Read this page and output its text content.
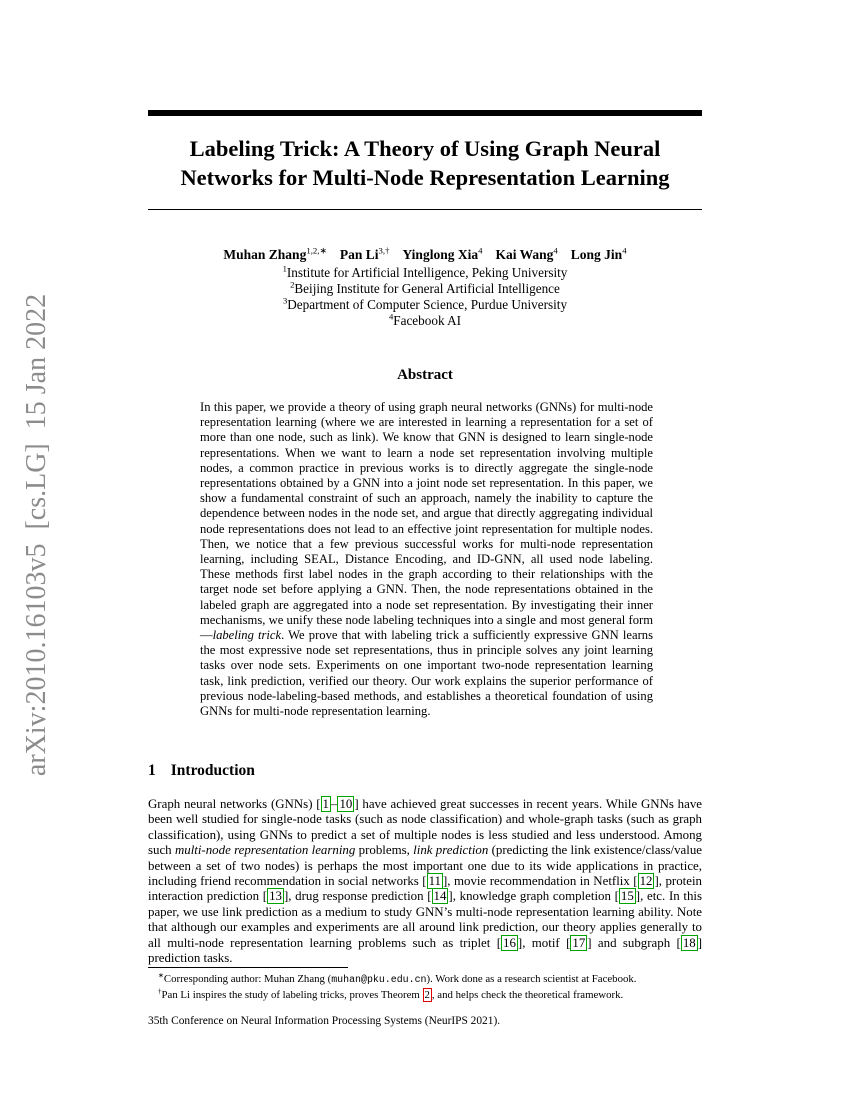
arXiv:2010.16103v5  [cs.LG]  15 Jan 2022
Labeling Trick: A Theory of Using Graph Neural
Networks for Multi-Node Representation Learning
Muhan Zhang$^{1,2,∗}$ Pan $Li^{3,\dagger}$ Yinglong Xia$^4$ Kai Wang$^4$ Long Jin$^4$
$^1$Institute for Artificial Intelligence, Peking University
$^2$Beijing Institute for General Artificial Intelligence
$^3$Department of Computer Science, Purdue University
$^4$Facebook AI
Abstract

In this paper, we provide a theory of using graph neural networks (GNNs) for multi-node representation learning (where we are interested in learning a representation for a set of more than one node, such as link). We know that GNN is designed to learn single-node representations. When we want to learn a node set representation involving multiple nodes, a common practice in previous works is to directly aggregate the single-node representations obtained by a GNN into a joint node set representation. In this paper, we show a fundamental constraint of such an approach, namely the inability to capture the dependence between nodes in the node set, and argue that directly aggregating individual node representations does not lead to an effective joint representation for multiple nodes. Then, we notice that a few previous successful works for multi-node representation learning, including SEAL, Distance Encoding, and ID-GNN, all used node labeling. These methods first label nodes in the graph according to their relationships with the target node set before applying a GNN. Then, the node representations obtained in the labeled graph are aggregated into a node set representation. By investigating their inner mechanisms, we unify these node labeling techniques into a single and most general form—labeling trick. We prove that with labeling trick a sufficiently expressive GNN learns the most expressive node set representations, thus in principle solves any joint learning tasks over node sets. Experiments on one important two-node representation learning task, link prediction, verified our theory. Our work explains the superior performance of previous node-labeling-based methods, and establishes a theoretical foundation of using GNNs for multi-node representation learning.

1 Introduction

Graph neural networks (GNNs) [ 1 – 10 ] have achieved great successes in recent years. While GNNs have been well studied for single-node tasks (such as node classification) and whole-graph tasks (such as graph classification), using GNNs to predict a set of multiple nodes is less studied and less understood. Among such multi-node representation learning problems, link prediction (predicting the link existence/class/value between a set of two nodes) is perhaps the most important one due to its wide applications in practice, including friend recommendation in social networks [ 11 ], movie recommendation in Netflix [ 12 ], protein interaction prediction [ 13 ], drug response prediction [ 14 ], knowledge graph completion [ 15 ], etc. In this paper, we use link prediction as a medium to study GNN’s multi-node representation learning ability. Note that although our examples and experiments are all around link prediction, our theory applies generally to all multi-node representation learning problems such as triplet [ 16 ], motif [ 17 ] and subgraph [ 18 ] prediction tasks.

∗Corresponding author: Muhan Zhang (muhan@pku.edu.cn). Work done as a research scientist at Facebook.
†Pan Li inspires the study of labeling tricks, proves Theorem 2 , and helps check the theoretical framework.
35th Conference on Neural Information Processing Systems (NeurIPS 2021).
